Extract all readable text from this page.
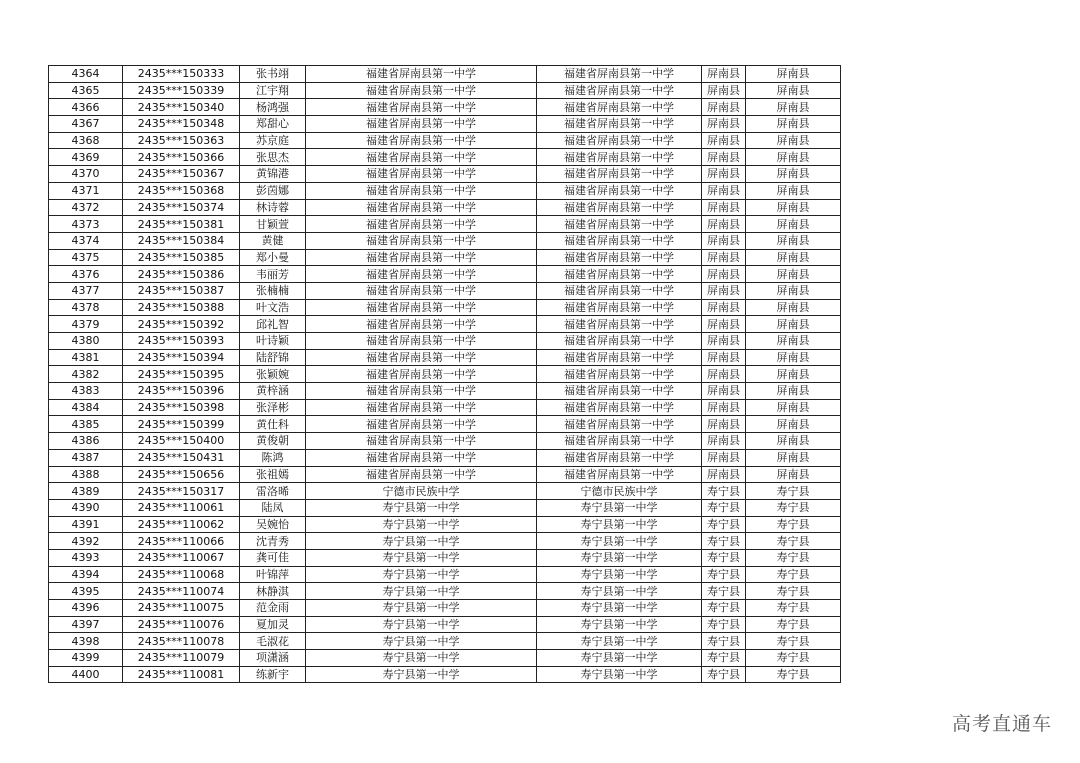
4364	2435***150333	张书翊	福建省屏南县第一中学	福建省屏南县第一中学	屏南县	屏南县
4365	2435***150339	江宇翔	福建省屏南县第一中学	福建省屏南县第一中学	屏南县	屏南县
4366	2435***150340	杨鸿强	福建省屏南县第一中学	福建省屏南县第一中学	屏南县	屏南县
4367	2435***150348	郑甜心	福建省屏南县第一中学	福建省屏南县第一中学	屏南县	屏南县
4368	2435***150363	苏京庭	福建省屏南县第一中学	福建省屏南县第一中学	屏南县	屏南县
4369	2435***150366	张思杰	福建省屏南县第一中学	福建省屏南县第一中学	屏南县	屏南县
4370	2435***150367	黄锦港	福建省屏南县第一中学	福建省屏南县第一中学	屏南县	屏南县
4371	2435***150368	彭茵娜	福建省屏南县第一中学	福建省屏南县第一中学	屏南县	屏南县
4372	2435***150374	林诗蓉	福建省屏南县第一中学	福建省屏南县第一中学	屏南县	屏南县
4373	2435***150381	甘颖萱	福建省屏南县第一中学	福建省屏南县第一中学	屏南县	屏南县
4374	2435***150384	黄健	福建省屏南县第一中学	福建省屏南县第一中学	屏南县	屏南县
4375	2435***150385	郑小曼	福建省屏南县第一中学	福建省屏南县第一中学	屏南县	屏南县
4376	2435***150386	韦丽芳	福建省屏南县第一中学	福建省屏南县第一中学	屏南县	屏南县
4377	2435***150387	张楠楠	福建省屏南县第一中学	福建省屏南县第一中学	屏南县	屏南县
4378	2435***150388	叶文浩	福建省屏南县第一中学	福建省屏南县第一中学	屏南县	屏南县
4379	2435***150392	邱礼智	福建省屏南县第一中学	福建省屏南县第一中学	屏南县	屏南县
4380	2435***150393	叶诗颖	福建省屏南县第一中学	福建省屏南县第一中学	屏南县	屏南县
4381	2435***150394	陆舒锦	福建省屏南县第一中学	福建省屏南县第一中学	屏南县	屏南县
4382	2435***150395	张颖婉	福建省屏南县第一中学	福建省屏南县第一中学	屏南县	屏南县
4383	2435***150396	黄梓涵	福建省屏南县第一中学	福建省屏南县第一中学	屏南县	屏南县
4384	2435***150398	张泽彬	福建省屏南县第一中学	福建省屏南县第一中学	屏南县	屏南县
4385	2435***150399	黄仕科	福建省屏南县第一中学	福建省屏南县第一中学	屏南县	屏南县
4386	2435***150400	黄俊朝	福建省屏南县第一中学	福建省屏南县第一中学	屏南县	屏南县
4387	2435***150431	陈鸿	福建省屏南县第一中学	福建省屏南县第一中学	屏南县	屏南县
4388	2435***150656	张祖嫣	福建省屏南县第一中学	福建省屏南县第一中学	屏南县	屏南县
4389	2435***150317	雷洛晞	宁德市民族中学	宁德市民族中学	寿宁县	寿宁县
4390	2435***110061	陆凤	寿宁县第一中学	寿宁县第一中学	寿宁县	寿宁县
4391	2435***110062	吴婉怡	寿宁县第一中学	寿宁县第一中学	寿宁县	寿宁县
4392	2435***110066	沈青秀	寿宁县第一中学	寿宁县第一中学	寿宁县	寿宁县
4393	2435***110067	龚可佳	寿宁县第一中学	寿宁县第一中学	寿宁县	寿宁县
4394	2435***110068	叶锦萍	寿宁县第一中学	寿宁县第一中学	寿宁县	寿宁县
4395	2435***110074	林静淇	寿宁县第一中学	寿宁县第一中学	寿宁县	寿宁县
4396	2435***110075	范金雨	寿宁县第一中学	寿宁县第一中学	寿宁县	寿宁县
4397	2435***110076	夏加灵	寿宁县第一中学	寿宁县第一中学	寿宁县	寿宁县
4398	2435***110078	毛淑花	寿宁县第一中学	寿宁县第一中学	寿宁县	寿宁县
4399	2435***110079	项潇涵	寿宁县第一中学	寿宁县第一中学	寿宁县	寿宁县
4400	2435***110081	练新宇	寿宁县第一中学	寿宁县第一中学	寿宁县	寿宁县
高考直通车
